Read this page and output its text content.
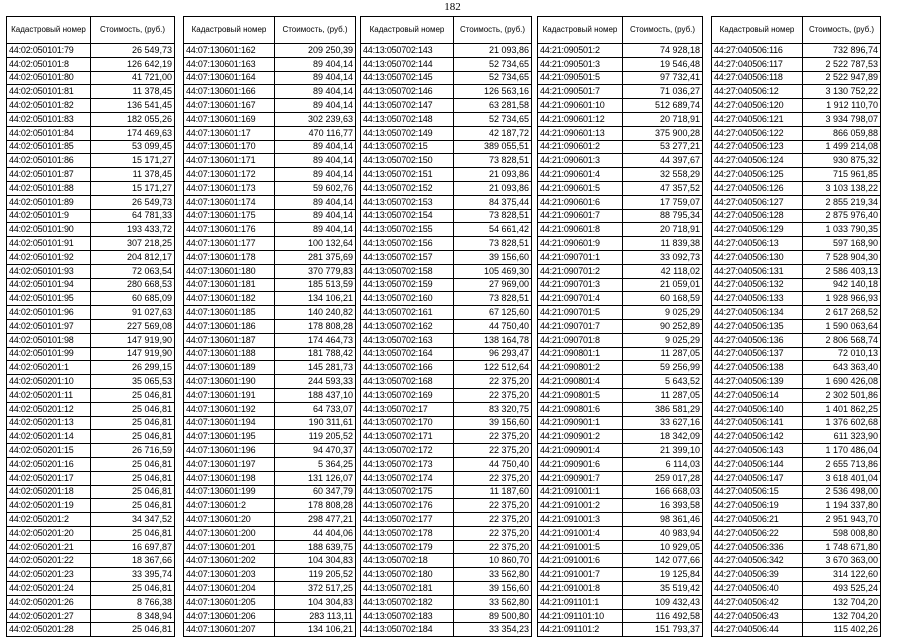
182
Кадастровый номер	Стоимость, (руб.)
44:02:050101:79	26 549,73
44:02:050101:8	126 642,19
44:02:050101:80	41 721,00
44:02:050101:81	11 378,45
44:02:050101:82	136 541,45
44:02:050101:83	182 055,26
44:02:050101:84	174 469,63
44:02:050101:85	53 099,45
44:02:050101:86	15 171,27
44:02:050101:87	11 378,45
44:02:050101:88	15 171,27
44:02:050101:89	26 549,73
44:02:050101:9	64 781,33
44:02:050101:90	193 433,72
44:02:050101:91	307 218,25
44:02:050101:92	204 812,17
44:02:050101:93	72 063,54
44:02:050101:94	280 668,53
44:02:050101:95	60 685,09
44:02:050101:96	91 027,63
44:02:050101:97	227 569,08
44:02:050101:98	147 919,90
44:02:050101:99	147 919,90
44:02:050201:1	26 299,15
44:02:050201:10	35 065,53
44:02:050201:11	25 046,81
44:02:050201:12	25 046,81
44:02:050201:13	25 046,81
44:02:050201:14	25 046,81
44:02:050201:15	26 716,59
44:02:050201:16	25 046,81
44:02:050201:17	25 046,81
44:02:050201:18	25 046,81
44:02:050201:19	25 046,81
44:02:050201:2	34 347,52
44:02:050201:20	25 046,81
44:02:050201:21	16 697,87
44:02:050201:22	18 367,66
44:02:050201:23	33 395,74
44:02:050201:24	25 046,81
44:02:050201:26	8 766,38
44:02:050201:27	8 348,94
44:02:050201:28	25 046,81
Кадастровый номер	Стоимость, (руб.)
44:07:130601:162	209 250,39
44:07:130601:163	89 404,14
44:07:130601:164	89 404,14
44:07:130601:166	89 404,14
44:07:130601:167	89 404,14
44:07:130601:169	302 239,63
44:07:130601:17	470 116,77
44:07:130601:170	89 404,14
44:07:130601:171	89 404,14
44:07:130601:172	89 404,14
44:07:130601:173	59 602,76
44:07:130601:174	89 404,14
44:07:130601:175	89 404,14
44:07:130601:176	89 404,14
44:07:130601:177	100 132,64
44:07:130601:178	281 375,69
44:07:130601:180	370 779,83
44:07:130601:181	185 513,59
44:07:130601:182	134 106,21
44:07:130601:185	140 240,82
44:07:130601:186	178 808,28
44:07:130601:187	174 464,73
44:07:130601:188	181 788,42
44:07:130601:189	145 281,73
44:07:130601:190	244 593,33
44:07:130601:191	188 437,10
44:07:130601:192	64 733,07
44:07:130601:194	190 311,61
44:07:130601:195	119 205,52
44:07:130601:196	94 470,37
44:07:130601:197	5 364,25
44:07:130601:198	131 126,07
44:07:130601:199	60 347,79
44:07:130601:2	178 808,28
44:07:130601:20	298 477,21
44:07:130601:200	44 404,06
44:07:130601:201	188 639,75
44:07:130601:202	104 304,83
44:07:130601:203	119 205,52
44:07:130601:204	372 517,25
44:07:130601:205	104 304,83
44:07:130601:206	283 113,11
44:07:130601:207	134 106,21
Кадастровый номер	Стоимость, (руб.)
44:13:050702:143	21 093,86
44:13:050702:144	52 734,65
44:13:050702:145	52 734,65
44:13:050702:146	126 563,16
44:13:050702:147	63 281,58
44:13:050702:148	52 734,65
44:13:050702:149	42 187,72
44:13:050702:15	389 055,51
44:13:050702:150	73 828,51
44:13:050702:151	21 093,86
44:13:050702:152	21 093,86
44:13:050702:153	84 375,44
44:13:050702:154	73 828,51
44:13:050702:155	54 661,42
44:13:050702:156	73 828,51
44:13:050702:157	39 156,60
44:13:050702:158	105 469,30
44:13:050702:159	27 969,00
44:13:050702:160	73 828,51
44:13:050702:161	67 125,60
44:13:050702:162	44 750,40
44:13:050702:163	138 164,78
44:13:050702:164	96 293,47
44:13:050702:166	122 512,64
44:13:050702:168	22 375,20
44:13:050702:169	22 375,20
44:13:050702:17	83 320,75
44:13:050702:170	39 156,60
44:13:050702:171	22 375,20
44:13:050702:172	22 375,20
44:13:050702:173	44 750,40
44:13:050702:174	22 375,20
44:13:050702:175	11 187,60
44:13:050702:176	22 375,20
44:13:050702:177	22 375,20
44:13:050702:178	22 375,20
44:13:050702:179	22 375,20
44:13:050702:18	10 860,70
44:13:050702:180	33 562,80
44:13:050702:181	39 156,60
44:13:050702:182	33 562,80
44:13:050702:183	89 500,80
44:13:050702:184	33 354,23
Кадастровый номер	Стоимость, (руб.)
44:21:090501:2	74 928,18
44:21:090501:3	19 546,48
44:21:090501:5	97 732,41
44:21:090501:7	71 036,27
44:21:090601:10	512 689,74
44:21:090601:12	20 718,91
44:21:090601:13	375 900,28
44:21:090601:2	53 277,21
44:21:090601:3	44 397,67
44:21:090601:4	32 558,29
44:21:090601:5	47 357,52
44:21:090601:6	17 759,07
44:21:090601:7	88 795,34
44:21:090601:8	20 718,91
44:21:090601:9	11 839,38
44:21:090701:1	33 092,73
44:21:090701:2	42 118,02
44:21:090701:3	21 059,01
44:21:090701:4	60 168,59
44:21:090701:5	9 025,29
44:21:090701:7	90 252,89
44:21:090701:8	9 025,29
44:21:090801:1	11 287,05
44:21:090801:2	59 256,99
44:21:090801:4	5 643,52
44:21:090801:5	11 287,05
44:21:090801:6	386 581,29
44:21:090901:1	33 627,16
44:21:090901:2	18 342,09
44:21:090901:4	21 399,10
44:21:090901:6	6 114,03
44:21:090901:7	259 017,28
44:21:091001:1	166 668,03
44:21:091001:2	16 393,58
44:21:091001:3	98 361,46
44:21:091001:4	40 983,94
44:21:091001:5	10 929,05
44:21:091001:6	142 077,66
44:21:091001:7	19 125,84
44:21:091001:8	35 519,42
44:21:091101:1	109 432,43
44:21:091101:10	116 492,58
44:21:091101:2	151 793,37
Кадастровый номер	Стоимость, (руб.)
44:27:040506:116	732 896,74
44:27:040506:117	2 522 787,53
44:27:040506:118	2 522 947,89
44:27:040506:12	3 130 752,22
44:27:040506:120	1 912 110,70
44:27:040506:121	3 934 798,07
44:27:040506:122	866 059,88
44:27:040506:123	1 499 214,08
44:27:040506:124	930 875,32
44:27:040506:125	715 961,85
44:27:040506:126	3 103 138,22
44:27:040506:127	2 855 219,34
44:27:040506:128	2 875 976,40
44:27:040506:129	1 033 790,35
44:27:040506:13	597 168,90
44:27:040506:130	7 528 904,30
44:27:040506:131	2 586 403,13
44:27:040506:132	942 140,18
44:27:040506:133	1 928 966,93
44:27:040506:134	2 617 268,52
44:27:040506:135	1 590 063,64
44:27:040506:136	2 806 568,74
44:27:040506:137	72 010,13
44:27:040506:138	643 363,40
44:27:040506:139	1 690 426,08
44:27:040506:14	2 302 501,86
44:27:040506:140	1 401 862,25
44:27:040506:141	1 376 602,68
44:27:040506:142	611 323,90
44:27:040506:143	1 170 486,04
44:27:040506:144	2 655 713,86
44:27:040506:147	3 618 401,04
44:27:040506:15	2 536 498,00
44:27:040506:19	1 194 337,80
44:27:040506:21	2 951 943,70
44:27:040506:22	598 008,80
44:27:040506:336	1 748 671,80
44:27:040506:342	3 670 363,00
44:27:040506:39	314 122,60
44:27:040506:40	493 525,24
44:27:040506:42	132 704,20
44:27:040506:43	132 704,20
44:27:040506:44	115 402,26
